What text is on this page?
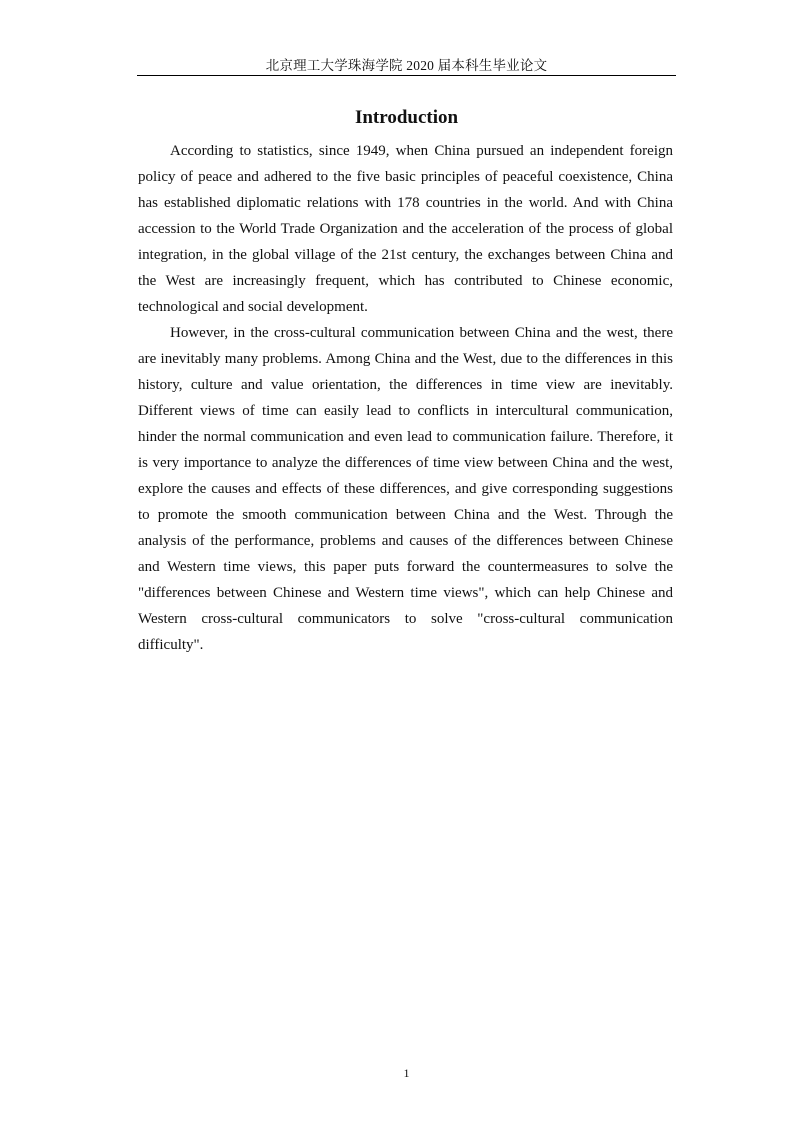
北京理工大学珠海学院 2020 届本科生毕业论文
Introduction

According to statistics, since 1949, when China pursued an independent foreign policy of peace and adhered to the five basic principles of peaceful coexistence, China has established diplomatic relations with 178 countries in the world. And with China accession to the World Trade Organization and the acceleration of the process of global integration, in the global village of the 21st century, the exchanges between China and the West are increasingly frequent, which has contributed to Chinese economic, technological and social development.

However, in the cross-cultural communication between China and the west, there are inevitably many problems. Among China and the West, due to the differences in this history, culture and value orientation, the differences in time view are inevitably. Different views of time can easily lead to conflicts in intercultural communication, hinder the normal communication and even lead to communication failure. Therefore, it is very importance to analyze the differences of time view between China and the west, explore the causes and effects of these differences, and give corresponding suggestions to promote the smooth communication between China and the West. Through the analysis of the performance, problems and causes of the differences between Chinese and Western time views, this paper puts forward the countermeasures to solve the "differences between Chinese and Western time views", which can help Chinese and Western cross-cultural communicators to solve "cross-cultural communication difficulty".

1
